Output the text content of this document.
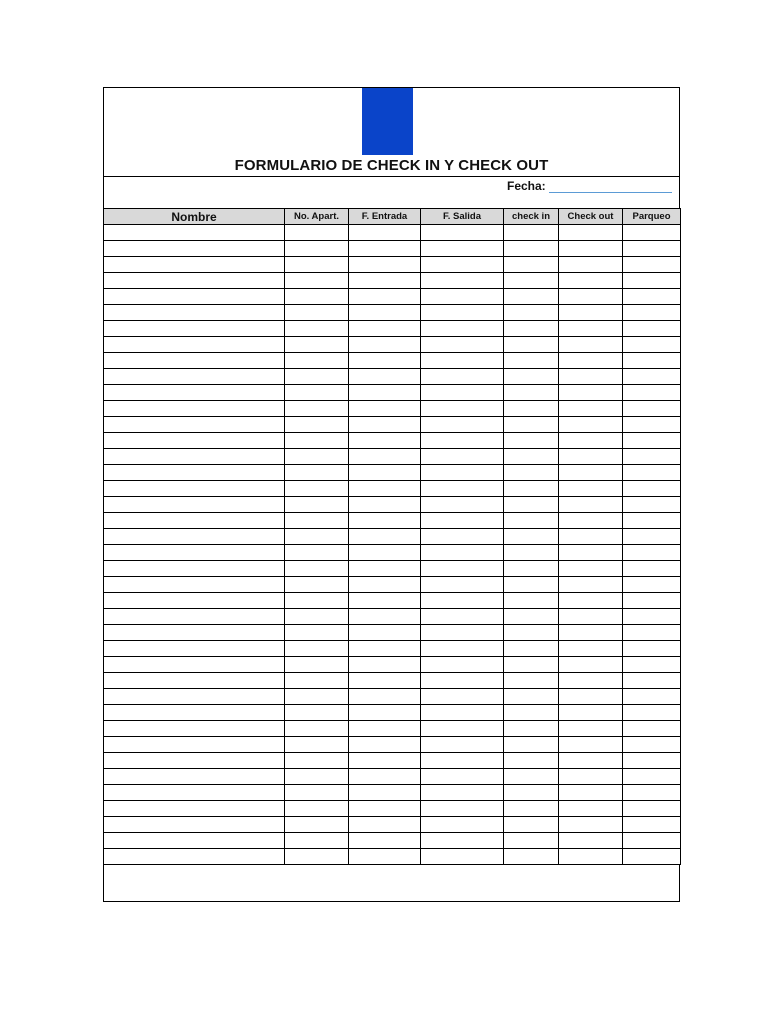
FORMULARIO DE CHECK IN Y CHECK OUT
Fecha:
Nombre	No. Apart.	F. Entrada	F. Salida	check in	Check out	Parqueo
